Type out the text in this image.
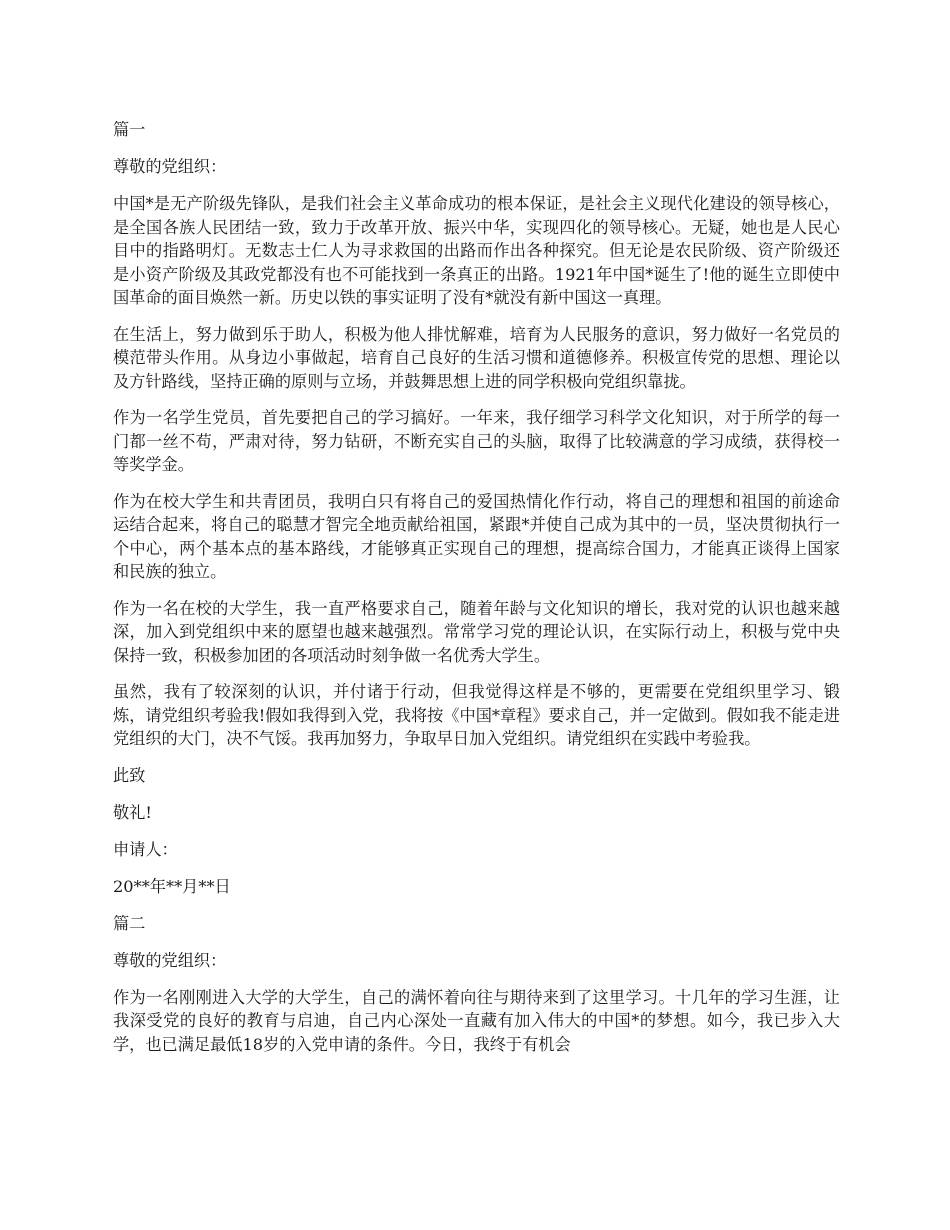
篇一

尊敬的党组织：

中国*是无产阶级先锋队，是我们社会主义革命成功的根本保证，是社会主义现代化建设的领导核心，是全国各族人民团结一致，致力于改革开放、振兴中华，实现四化的领导核心。无疑，她也是人民心目中的指路明灯。无数志士仁人为寻求救国的出路而作出各种探究。但无论是农民阶级、资产阶级还是小资产阶级及其政党都没有也不可能找到一条真正的出路。1921年中国*诞生了!他的诞生立即使中国革命的面目焕然一新。历史以铁的事实证明了没有*就没有新中国这一真理。

在生活上，努力做到乐于助人，积极为他人排忧解难，培育为人民服务的意识，努力做好一名党员的模范带头作用。从身边小事做起，培育自己良好的生活习惯和道德修养。积极宣传党的思想、理论以及方针路线，坚持正确的原则与立场，并鼓舞思想上进的同学积极向党组织靠拢。

作为一名学生党员，首先要把自己的学习搞好。一年来，我仔细学习科学文化知识，对于所学的每一门都一丝不苟，严肃对待，努力钻研，不断充实自己的头脑，取得了比较满意的学习成绩，获得校一等奖学金。

作为在校大学生和共青团员，我明白只有将自己的爱国热情化作行动，将自己的理想和祖国的前途命运结合起来，将自己的聪慧才智完全地贡献给祖国，紧跟*并使自己成为其中的一员，坚决贯彻执行一个中心，两个基本点的基本路线，才能够真正实现自己的理想，提高综合国力，才能真正谈得上国家和民族的独立。

作为一名在校的大学生，我一直严格要求自己，随着年龄与文化知识的增长，我对党的认识也越来越深，加入到党组织中来的愿望也越来越强烈。常常学习党的理论认识，在实际行动上，积极与党中央保持一致，积极参加团的各项活动时刻争做一名优秀大学生。

虽然，我有了较深刻的认识，并付诸于行动，但我觉得这样是不够的，更需要在党组织里学习、锻炼，请党组织考验我!假如我得到入党，我将按《中国*章程》要求自己，并一定做到。假如我不能走进党组织的大门，决不气馁。我再加努力，争取早日加入党组织。请党组织在实践中考验我。

此致

敬礼!

申请人：

20**年**月**日

篇二

尊敬的党组织：

作为一名刚刚进入大学的大学生，自己的满怀着向往与期待来到了这里学习。十几年的学习生涯，让我深受党的良好的教育与启迪，自己内心深处一直藏有加入伟大的中国*的梦想。如今，我已步入大学，也已满足最低18岁的入党申请的条件。今日，我终于有机会
